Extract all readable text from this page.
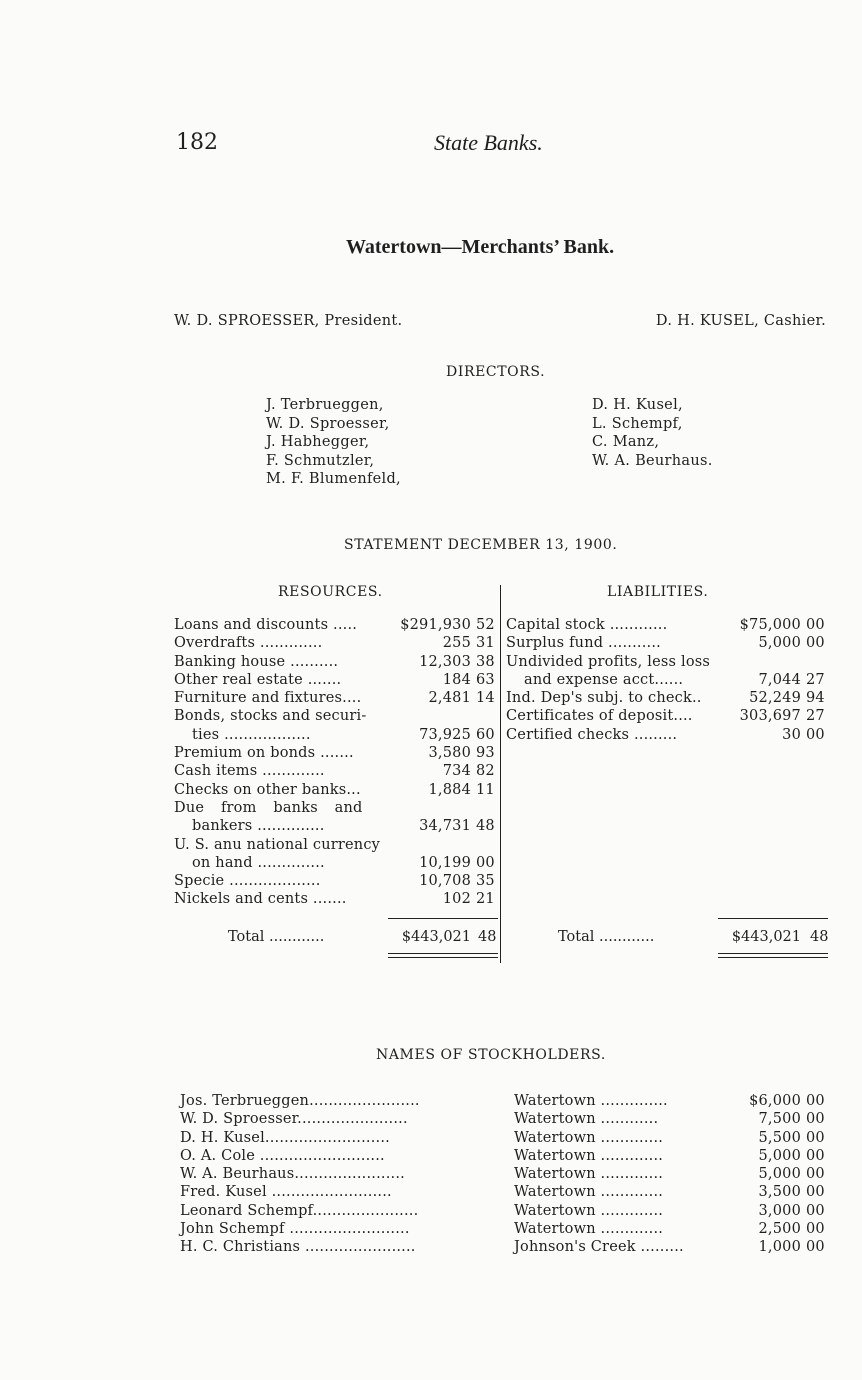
182	State Banks.
Watertown—Merchants’ Bank.
W. D. SPROESSER, President.	D. H. KUSEL, Cashier.
DIRECTORS.
J. Terbrueggen,
W. D. Sproesser,
J. Habhegger,
F. Schmutzler,
M. F. Blumenfeld,
D. H. Kusel,
L. Schempf,
C. Manz,
W. A. Beurhaus.
STATEMENT DECEMBER 13, 1900.
RESOURCES.	LIABILITIES.
Loans and discounts .....	$291,930 52
Overdrafts .............	255 31
Banking house ..........	12,303 38
Other real estate .......	184 63
Furniture and fixtures....	2,481 14
Bonds, stocks and securi-
ties ..................	73,925 60
Premium on bonds .......	3,580 93
Cash items .............	734 82
Checks on other banks...	1,884 11
Due from banks and
bankers ..............	34,731 48
U. S. anu national currency
on hand ..............	10,199 00
Specie ...................	10,708 35
Nickels and cents .......	102 21
Capital stock ............	$75,000 00
Surplus fund ...........	5,000 00
Undivided profits, less loss
and expense acct......	7,044 27
Ind. Dep's subj. to check..	52,249 94
Certificates of deposit....	303,697 27
Certified checks .........	30 00
Total ............	$443,021 48	Total ............	$443,021 48
NAMES OF STOCKHOLDERS.
Jos. Terbrueggen.......................	Watertown ..............	$6,000 00
W. D. Sproesser.......................	Watertown ............	7,500 00
D. H. Kusel..........................	Watertown .............	5,500 00
O. A. Cole ..........................	Watertown .............	5,000 00
W. A. Beurhaus.......................	Watertown .............	5,000 00
Fred. Kusel .........................	Watertown .............	3,500 00
Leonard Schempf......................	Watertown .............	3,000 00
John Schempf .........................	Watertown .............	2,500 00
H. C. Christians .......................	Johnson's Creek .........	1,000 00
